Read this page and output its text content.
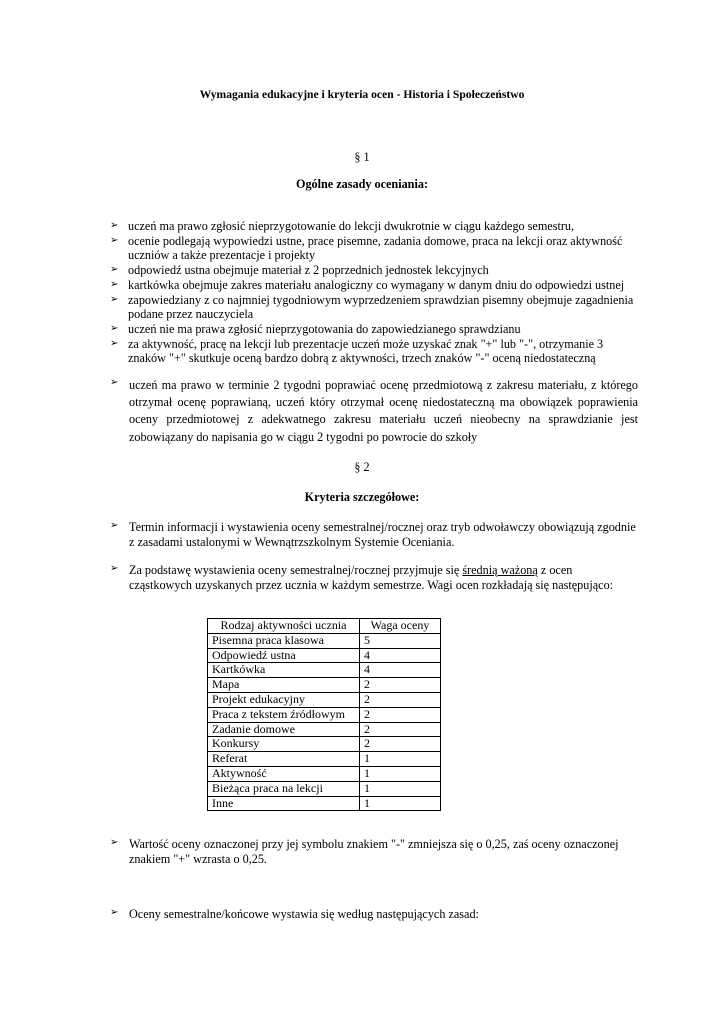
Wymagania edukacyjne i kryteria ocen - Historia i Społeczeństwo
§ 1
Ogólne zasady oceniania:
➢ uczeń ma prawo zgłosić nieprzygotowanie do lekcji dwukrotnie w ciągu każdego semestru,
➢ ocenie podlegają wypowiedzi ustne, prace pisemne, zadania domowe, praca na lekcji oraz aktywność uczniów a także prezentacje i projekty
➢ odpowiedź ustna obejmuje materiał z 2 poprzednich jednostek lekcyjnych
➢ kartkówka obejmuje zakres materiału analogiczny co wymagany w danym dniu do odpowiedzi ustnej
➢ zapowiedziany z co najmniej tygodniowym wyprzedzeniem sprawdzian pisemny obejmuje zagadnienia podane przez nauczyciela
➢ uczeń nie ma prawa zgłosić nieprzygotowania do zapowiedzianego sprawdzianu
➢ za aktywność, pracę na lekcji lub prezentacje uczeń może uzyskać znak "+" lub "-", otrzymanie 3 znaków "+" skutkuje oceną bardzo dobrą z aktywności, trzech znaków "-" oceną niedostateczną
➢ uczeń ma prawo w terminie 2 tygodni poprawiać ocenę przedmiotową z zakresu materiału, z którego otrzymał ocenę poprawianą, uczeń który otrzymał ocenę niedostateczną ma obowiązek poprawienia oceny przedmiotowej z adekwatnego zakresu materiału uczeń nieobecny na sprawdzianie jest zobowiązany do napisania go w ciągu 2 tygodni po powrocie do szkoły
§ 2
Kryteria szczegółowe:
➢ Termin informacji i wystawienia oceny semestralnej/rocznej oraz tryb odwoławczy obowiązują zgodnie z zasadami ustalonymi w Wewnątrzszkolnym Systemie Oceniania.
➢ Za podstawę wystawienia oceny semestralnej/rocznej przyjmuje się średnią ważoną z ocen cząstkowych uzyskanych przez ucznia w każdym semestrze. Wagi ocen rozkładają się następująco:
Rodzaj aktywności ucznia	Waga oceny
Pisemna praca klasowa	5
Odpowiedź ustna	4
Kartkówka	4
Mapa	2
Projekt edukacyjny	2
Praca z tekstem źródłowym	2
Zadanie domowe	2
Konkursy	2
Referat	1
Aktywność	1
Bieżąca praca na lekcji	1
Inne	1
➢ Wartość oceny oznaczonej przy jej symbolu znakiem "-" zmniejsza się o 0,25, zaś oceny oznaczonej znakiem "+" wzrasta o 0,25.
➢ Oceny semestralne/końcowe wystawia się według następujących zasad:
